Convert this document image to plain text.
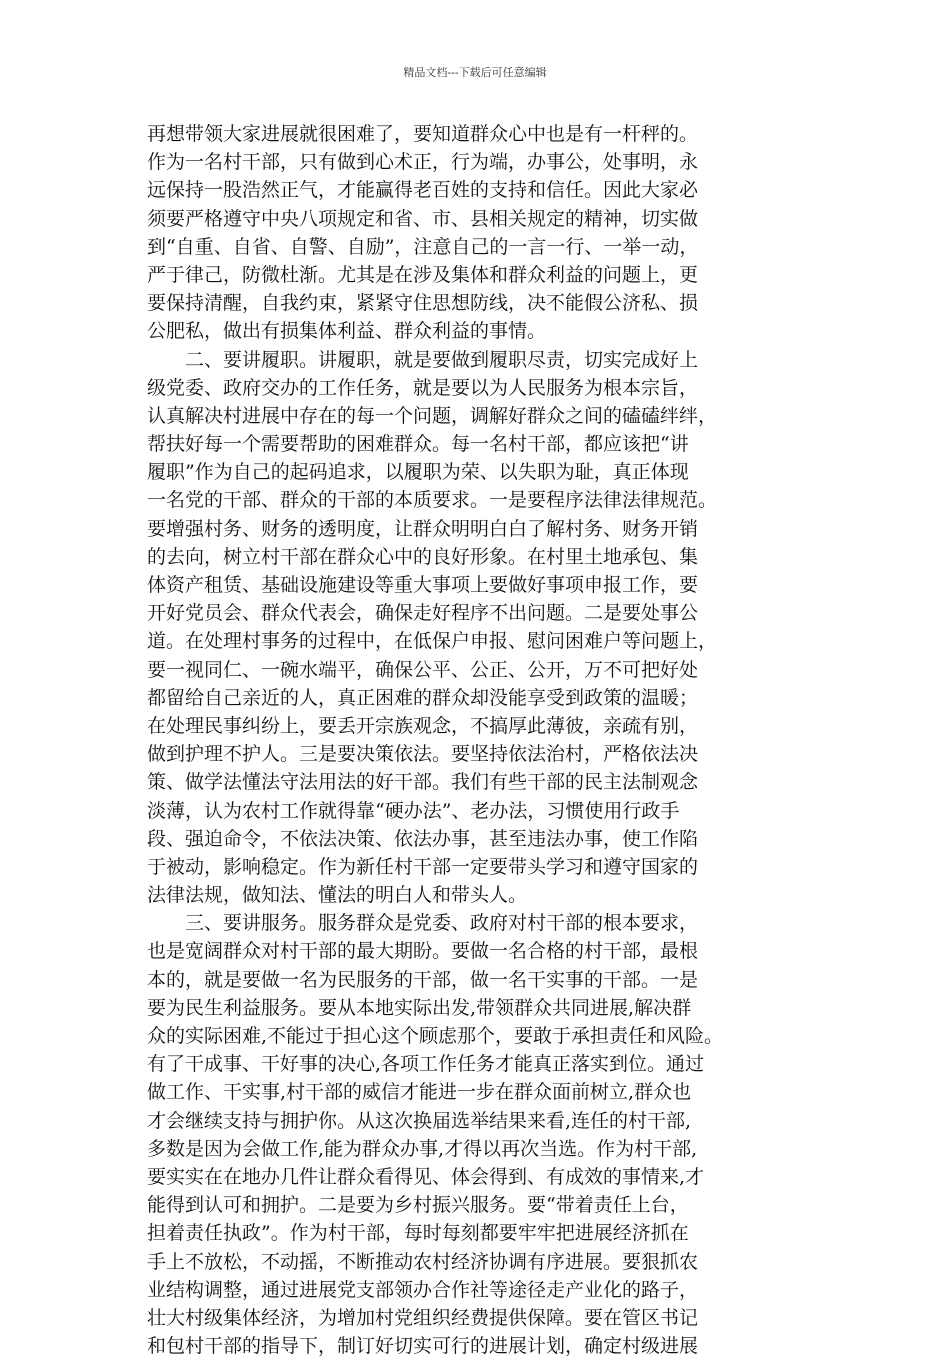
精品文档---下载后可任意编辑
再想带领大家进展就很困难了，要知道群众心中也是有一杆秤的。
作为一名村干部，只有做到心术正，行为端，办事公，处事明，永
远保持一股浩然正气，才能赢得老百姓的支持和信任。因此大家必
须要严格遵守中央八项规定和省、市、县相关规定的精神，切实做
到“自重、自省、自警、自励”，注意自己的一言一行、一举一动，
严于律己，防微杜渐。尤其是在涉及集体和群众利益的问题上，更
要保持清醒，自我约束，紧紧守住思想防线，决不能假公济私、损
公肥私，做出有损集体利益、群众利益的事情。
　　二、要讲履职。讲履职，就是要做到履职尽责，切实完成好上
级党委、政府交办的工作任务，就是要以为人民服务为根本宗旨，
认真解决村进展中存在的每一个问题，调解好群众之间的磕磕绊绊，
帮扶好每一个需要帮助的困难群众。每一名村干部，都应该把“讲
履职”作为自己的起码追求，以履职为荣、以失职为耻，真正体现
一名党的干部、群众的干部的本质要求。一是要程序法律法律规范。
要增强村务、财务的透明度，让群众明明白白了解村务、财务开销
的去向，树立村干部在群众心中的良好形象。在村里土地承包、集
体资产租赁、基础设施建设等重大事项上要做好事项申报工作，要
开好党员会、群众代表会，确保走好程序不出问题。二是要处事公
道。在处理村事务的过程中，在低保户申报、慰问困难户等问题上，
要一视同仁、一碗水端平，确保公平、公正、公开，万不可把好处
都留给自己亲近的人，真正困难的群众却没能享受到政策的温暖；
在处理民事纠纷上，要丢开宗族观念，不搞厚此薄彼，亲疏有别，
做到护理不护人。三是要决策依法。要坚持依法治村，严格依法决
策、做学法懂法守法用法的好干部。我们有些干部的民主法制观念
淡薄，认为农村工作就得靠“硬办法”、老办法，习惯使用行政手
段、强迫命令，不依法决策、依法办事，甚至违法办事，使工作陷
于被动，影响稳定。作为新任村干部一定要带头学习和遵守国家的
法律法规，做知法、懂法的明白人和带头人。
　　三、要讲服务。服务群众是党委、政府对村干部的根本要求，
也是宽阔群众对村干部的最大期盼。要做一名合格的村干部，最根
本的，就是要做一名为民服务的干部，做一名干实事的干部。一是
要为民生利益服务。要从本地实际出发,带领群众共同进展,解决群
众的实际困难,不能过于担心这个顾虑那个，要敢于承担责任和风险。
有了干成事、干好事的决心,各项工作任务才能真正落实到位。通过
做工作、干实事,村干部的威信才能进一步在群众面前树立,群众也
才会继续支持与拥护你。从这次换届选举结果来看,连任的村干部,
多数是因为会做工作,能为群众办事,才得以再次当选。作为村干部,
要实实在在地办几件让群众看得见、体会得到、有成效的事情来,才
能得到认可和拥护。二是要为乡村振兴服务。要“带着责任上台，
担着责任执政”。作为村干部，每时每刻都要牢牢把进展经济抓在
手上不放松，不动摇，不断推动农村经济协调有序进展。要狠抓农
业结构调整，通过进展党支部领办合作社等途径走产业化的路子，
壮大村级集体经济，为增加村党组织经费提供保障。要在管区书记
和包村干部的指导下，制订好切实可行的进展计划，确定村级进展
